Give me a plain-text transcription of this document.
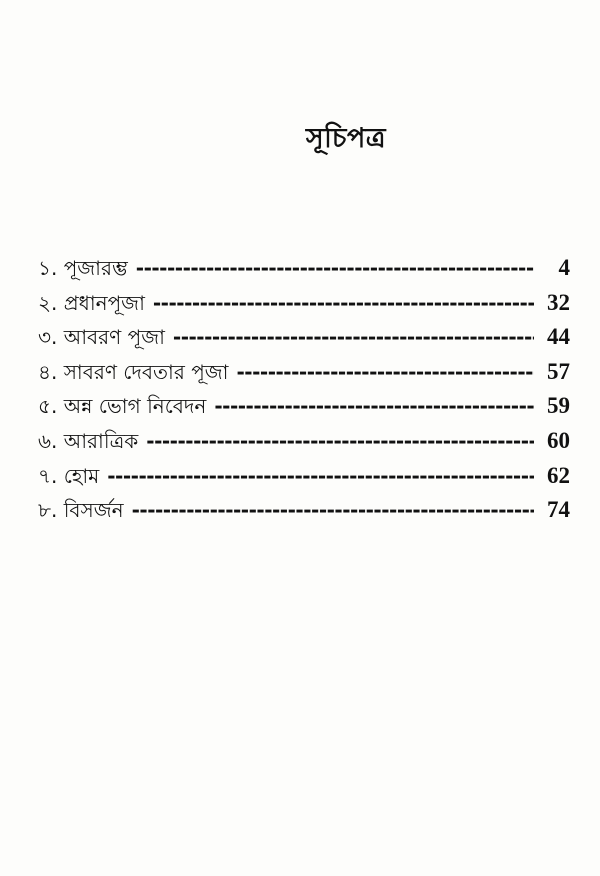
সূচিপত্র
১. পূজারম্ভ -----	4
২. প্রধানপূজা -----	32
৩. আবরণ পূজা -----	44
৪. সাবরণ দেবতার পূজা -----	57
৫. অন্ন ভোগ নিবেদন -----	59
৬. আরাত্রিক -----	60
৭. হোম -----	62
৮. বিসর্জন -----	74
